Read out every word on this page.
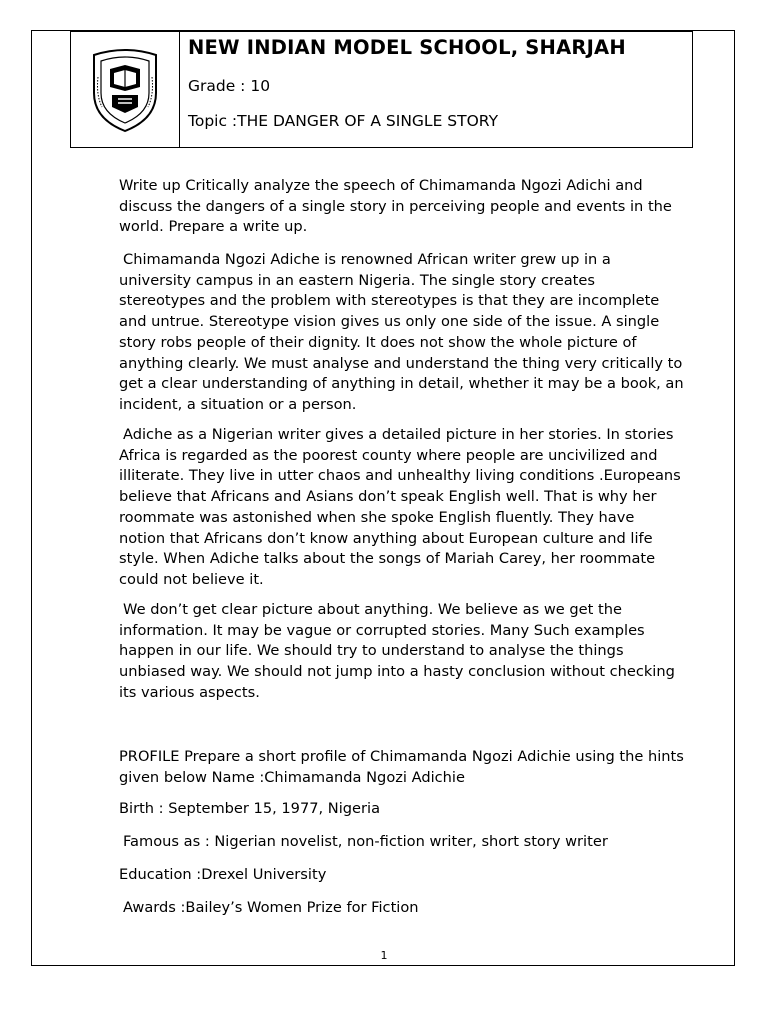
NEW INDIAN MODEL SCHOOL, SHARJAH
Grade : 10
Topic :THE DANGER OF A SINGLE STORY

Write up Critically analyze the speech of Chimamanda Ngozi Adichi and discuss the dangers of a single story in perceiving people and events in the world. Prepare a write up.

Chimamanda Ngozi Adiche is renowned African writer grew up in a university campus in an eastern Nigeria. The single story creates stereotypes and the problem with stereotypes is that they are incomplete and untrue. Stereotype vision gives us only one side of the issue. A single story robs people of their dignity. It does not show the whole picture of anything clearly. We must analyse and understand the thing very critically to get a clear understanding of anything in detail, whether it may be a book, an incident, a situation or a person.

Adiche as a Nigerian writer gives a detailed picture in her stories. In stories Africa is regarded as the poorest county where people are uncivilized and illiterate. They live in utter chaos and unhealthy living conditions .Europeans believe that Africans and Asians don’t speak English well. That is why her roommate was astonished when she spoke English fluently. They have notion that Africans don’t know anything about European culture and life style. When Adiche talks about the songs of Mariah Carey, her roommate could not believe it.

We don’t get clear picture about anything. We believe as we get the information. It may be vague or corrupted stories. Many Such examples happen in our life. We should try to understand to analyse the things unbiased way. We should not jump into a hasty conclusion without checking its various aspects.

PROFILE Prepare a short profile of Chimamanda Ngozi Adichie using the hints given below Name :Chimamanda Ngozi Adichie

Birth : September 15, 1977, Nigeria

Famous as : Nigerian novelist, non-fiction writer, short story writer

Education :Drexel University

Awards :Bailey’s Women Prize for Fiction

1
